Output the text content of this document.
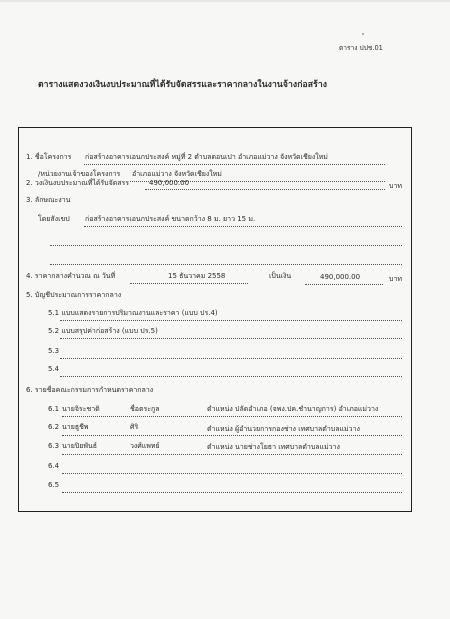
ตาราง ปปช.01
ตารางแสดงวงเงินงบประมาณที่ได้รับจัดสรรและราคากลางในงานจ้างก่อสร้าง
1. ชื่อโครงการ ก่อสร้างอาคารเอนกประสงค์ หมู่ที่ 2 ตำบลดอนเปา อำเภอแม่วาง จังหวัดเชียงใหม่
/หน่วยงานเจ้าของโครงการ อำเภอแม่วาง จังหวัดเชียงใหม่
2. วงเงินงบประมาณที่ได้รับจัดสรร	490,000.00	บาท
3. ลักษณะงาน
โดยสังเขป ก่อสร้างอาคารเอนกประสงค์ ขนาดกว้าง 8 ม. ยาว 15 ม.
4. ราคากลางคำนวณ ณ วันที่	15 ธันวาคม 2558	เป็นเงิน	490,000.00	บาท
5. บัญชีประมาณการราคากลาง
5.1 แบบแสดงรายการปริมาณงานและราคา (แบบ ปร.4)
5.2 แบบสรุปค่าก่อสร้าง (แบบ ปร.5)
5.3
5.4
6. รายชื่อคณะกรรมการกำหนดราคากลาง
6.1 นายจิระชาติ	ชื่อตระกูล	ตำแหน่ง ปลัดอำเภอ (จพง.ปค.ชำนาญการ) อำเภอแม่วาง
6.2 นายธูชีพ	ศิริ	ตำแหน่ง ผู้อำนวยการกองช่าง เทศบาลตำบลแม่วาง
6.3 นายปิยพันธ์	วงศ์แพทย์	ตำแหน่ง นายช่างโยธา เทศบาลตำบลแม่วาง
6.4
6.5
